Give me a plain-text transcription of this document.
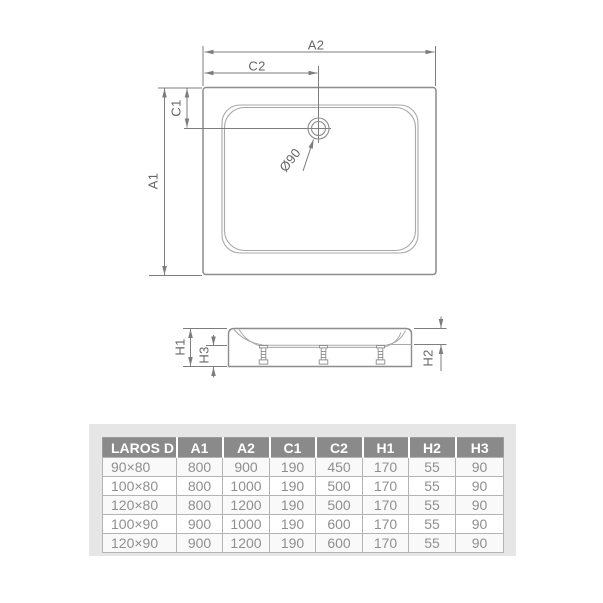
A2
C2
C1
A1
Ø90
H1 H3	H2
LAROS D	A1	A2	C1	C2	H1	H2	H3
90×80	800	900	190	450	170	55	90
100×80	800	1000	190	500	170	55	90
120×80	800	1200	190	500	170	55	90
100×90	900	1000	190	600	170	55	90
120×90	900	1200	190	600	170	55	90
